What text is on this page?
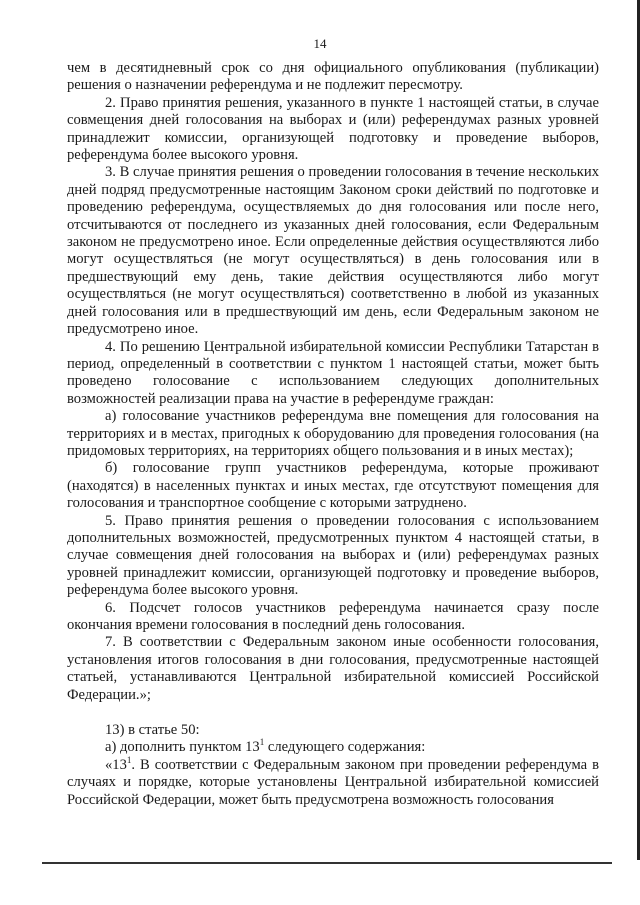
14

чем в десятидневный срок со дня официального опубликования (публикации) решения о назначении референдума и не подлежит пересмотру.

2. Право принятия решения, указанного в пункте 1 настоящей статьи, в случае совмещения дней голосования на выборах и (или) референдумах разных уровней принадлежит комиссии, организующей подготовку и проведение выборов, референдума более высокого уровня.

3. В случае принятия решения о проведении голосования в течение нескольких дней подряд предусмотренные настоящим Законом сроки действий по подготовке и проведению референдума, осуществляемых до дня голосования или после него, отсчитываются от последнего из указанных дней голосования, если Федеральным законом не предусмотрено иное. Если определенные действия осуществляются либо могут осуществляться (не могут осуществляться) в день голосования или в предшествующий ему день, такие действия осуществляются либо могут осуществляться (не могут осуществляться) соответственно в любой из указанных дней голосования или в предшествующий им день, если Федеральным законом не предусмотрено иное.

4. По решению Центральной избирательной комиссии Республики Татарстан в период, определенный в соответствии с пунктом 1 настоящей статьи, может быть проведено голосование с использованием следующих дополнительных возможностей реализации права на участие в референдуме граждан:

а) голосование участников референдума вне помещения для голосования на территориях и в местах, пригодных к оборудованию для проведения голосования (на придомовых территориях, на территориях общего пользования и в иных местах);

б) голосование групп участников референдума, которые проживают (находятся) в населенных пунктах и иных местах, где отсутствуют помещения для голосования и транспортное сообщение с которыми затруднено.

5. Право принятия решения о проведении голосования с использованием дополнительных возможностей, предусмотренных пунктом 4 настоящей статьи, в случае совмещения дней голосования на выборах и (или) референдумах разных уровней принадлежит комиссии, организующей подготовку и проведение выборов, референдума более высокого уровня.

6. Подсчет голосов участников референдума начинается сразу после окончания времени голосования в последний день голосования.

7. В соответствии с Федеральным законом иные особенности голосования, установления итогов голосования в дни голосования, предусмотренные настоящей статьей, устанавливаются Центральной избирательной комиссией Российской Федерации.»;

13) в статье 50:

а) дополнить пунктом $13^1$ следующего содержания:

«$13^1$. В соответствии с Федеральным законом при проведении референдума в случаях и порядке, которые установлены Центральной избирательной комиссией Российской Федерации, может быть предусмотрена возможность голосования
